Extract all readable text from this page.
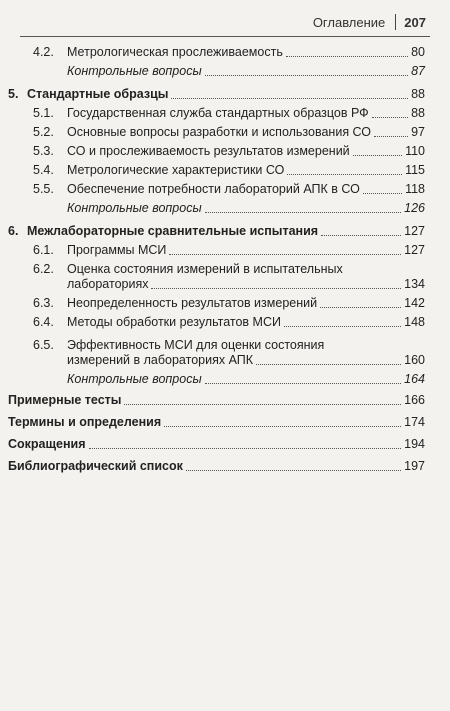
Оглавление 207
4.2. Метрологическая прослеживаемость	80
Контрольные вопросы	87
5. Стандартные образцы	88
5.1. Государственная служба стандартных образцов РФ	88
5.2. Основные вопросы разработки и использования СО	97
5.3. СО и прослеживаемость результатов измерений	110
5.4. Метрологические характеристики СО	115
5.5. Обеспечение потребности лабораторий АПК в СО	118
Контрольные вопросы	126
6. Межлабораторные сравнительные испытания	127
6.1. Программы МСИ	127
6.2. Оценка состояния измерений в испытательных
лабораториях	134
6.3. Неопределенность результатов измерений	142
6.4. Методы обработки результатов МСИ	148
6.5. Эффективность МСИ для оценки состояния
измерений в лабораториях АПК	160
Контрольные вопросы	164
Примерные тесты	166
Термины и определения	174
Сокращения	194
Библиографический список	197
